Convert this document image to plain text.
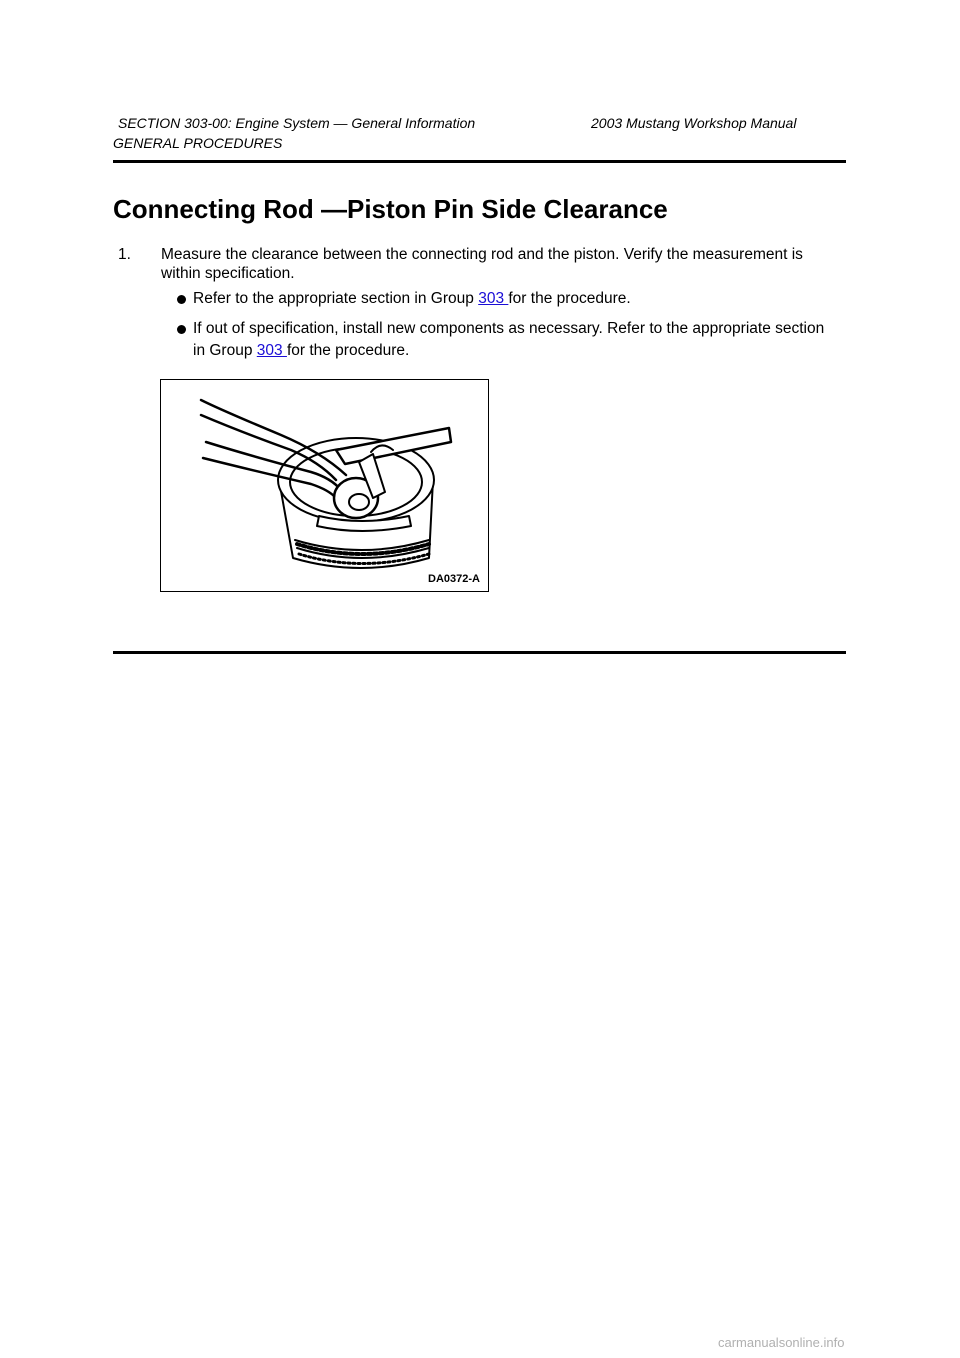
SECTION 303-00: Engine System — General Information	2003 Mustang Workshop Manual
GENERAL PROCEDURES
Connecting Rod —Piston Pin Side Clearance
1. Measure the clearance between the connecting rod and the piston. Verify the measurement is within specification.
Refer to the appropriate section in Group 303 for the procedure.
If out of specification, install new components as necessary. Refer to the appropriate section in Group 303 for the procedure.
DA0372-A
carmanualsonline.info
